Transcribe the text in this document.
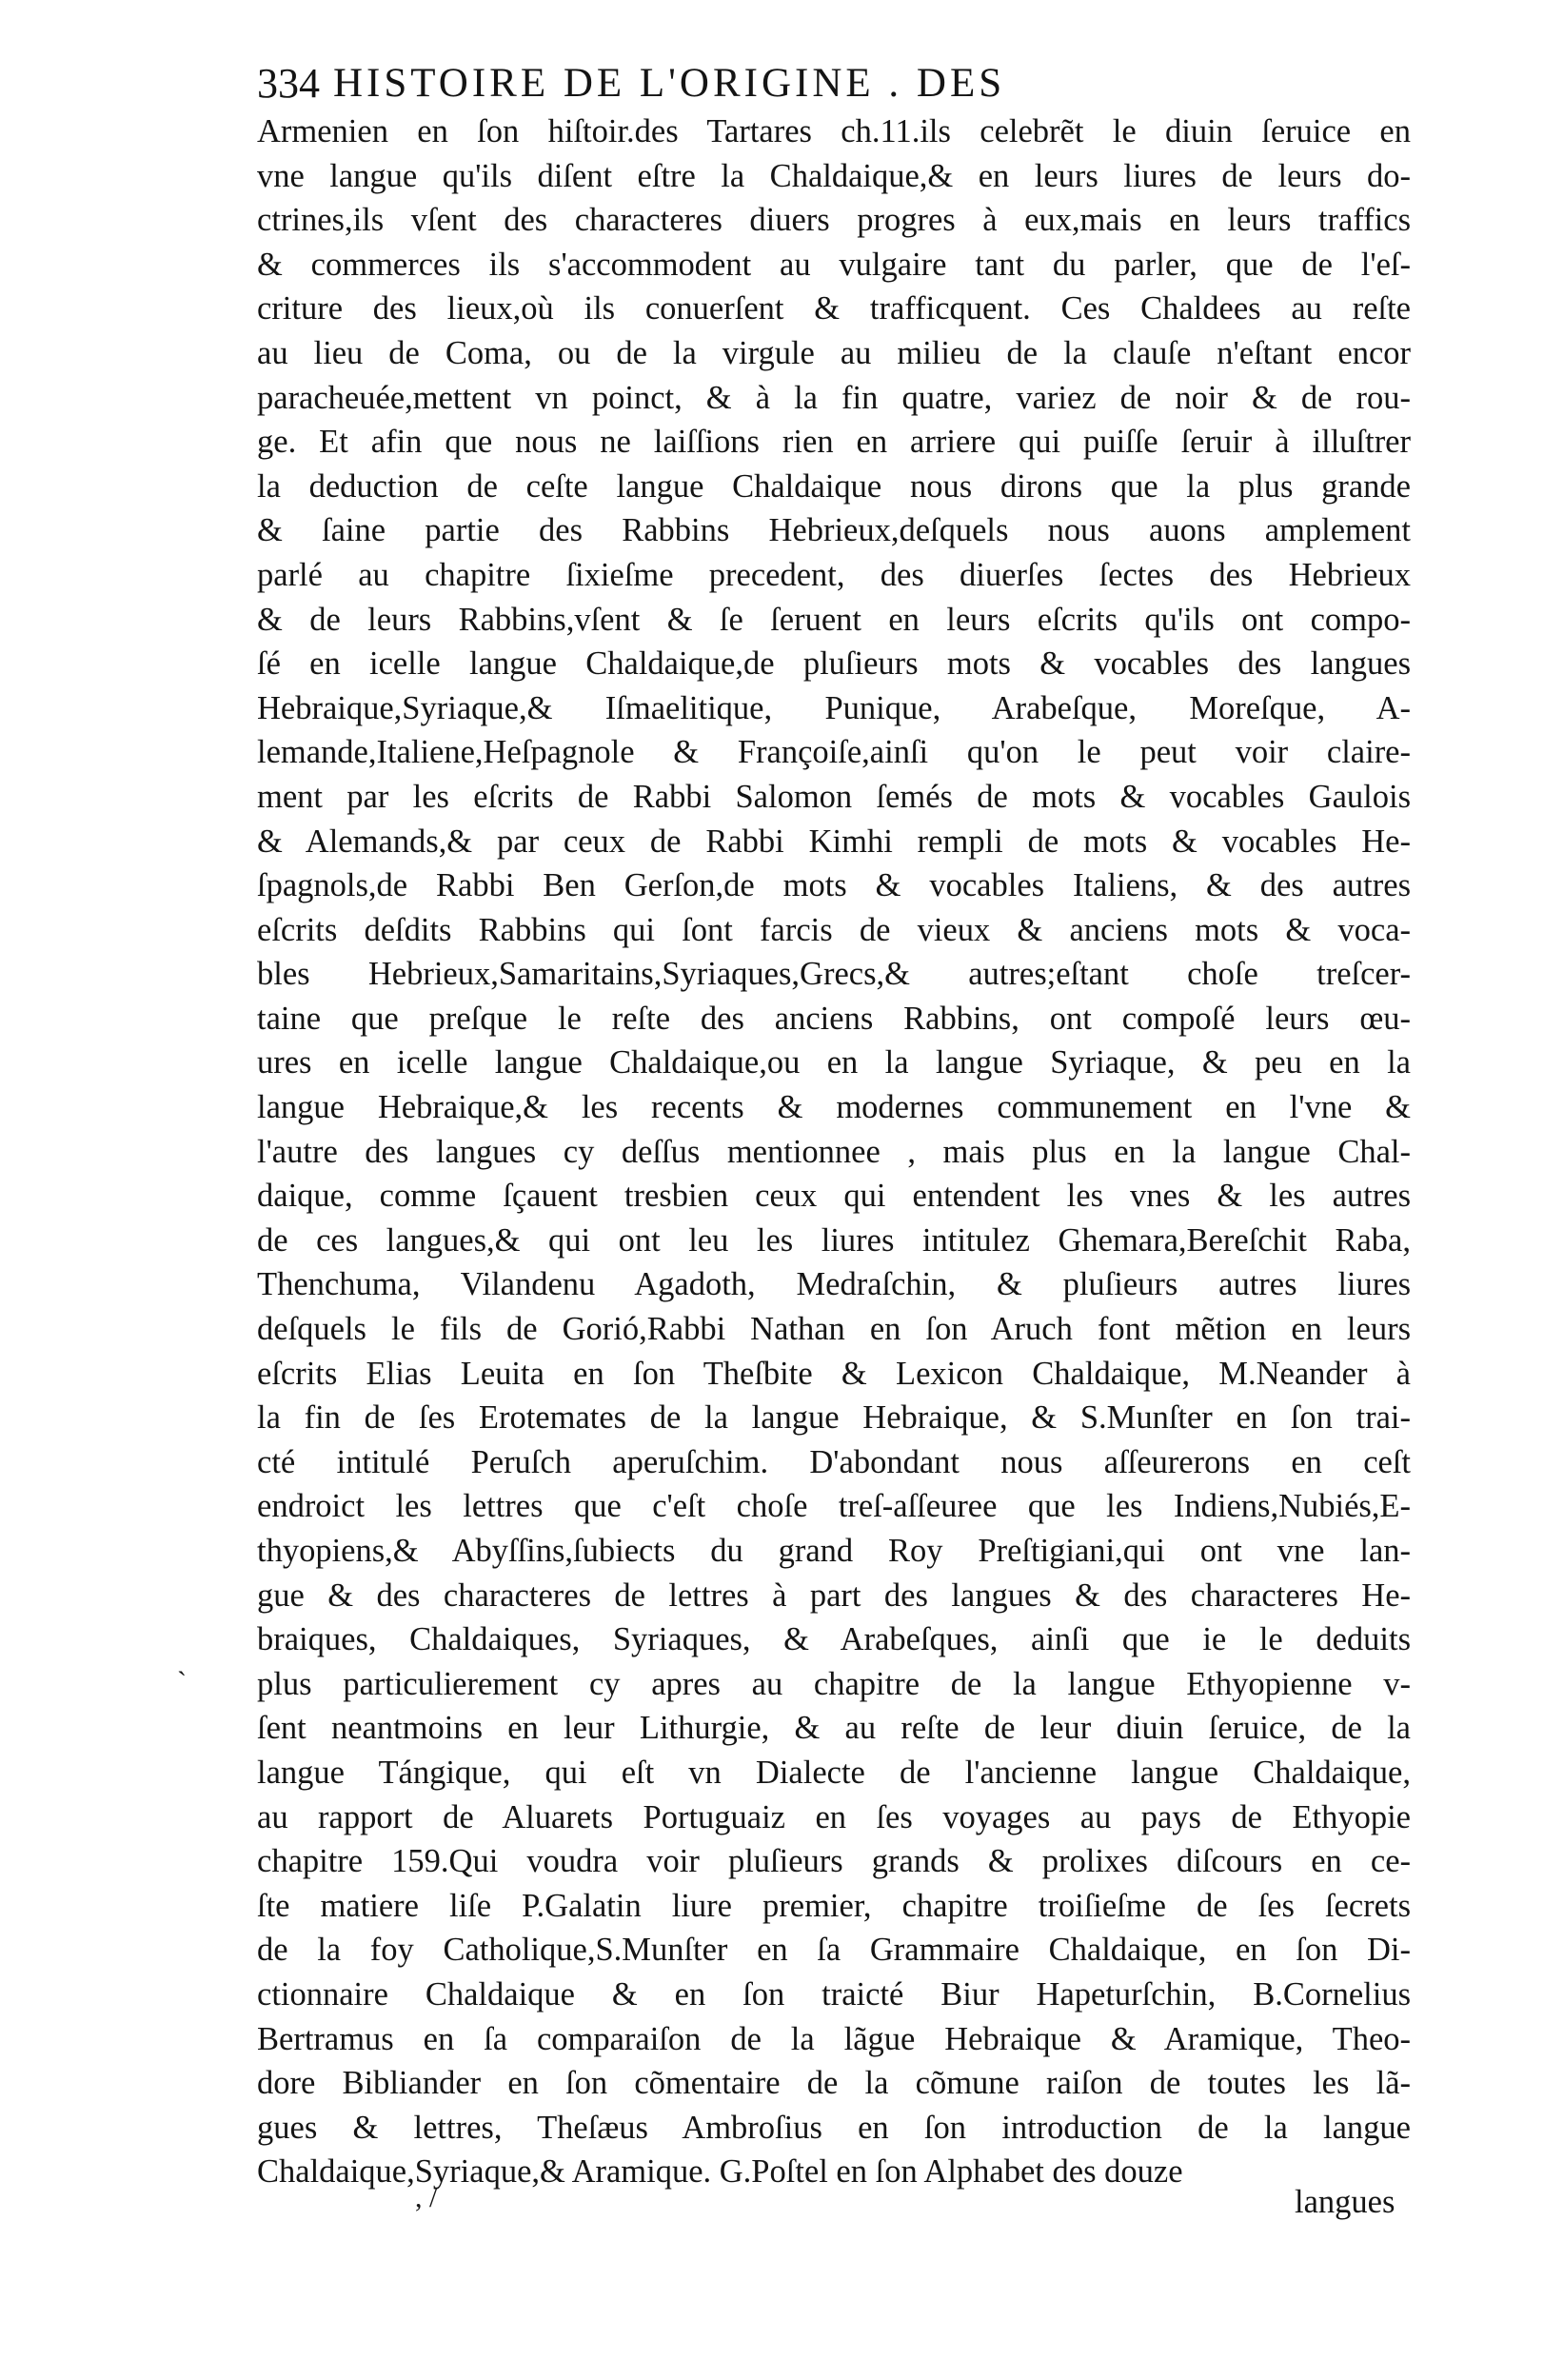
334 HISTOIRE DE L'ORIGINE . DES
Armenien en ſon hiſtoir.des Tartares ch.11.ils celebrẽt le diuin ſeruice en
vne langue qu'ils diſent eſtre la Chaldaique,& en leurs liures de leurs do-
ctrines,ils vſent des characteres diuers progres à eux,mais en leurs traffics
& commerces ils s'accommodent au vulgaire tant du parler, que de l'eſ-
criture des lieux,où ils conuerſent & trafficquent. Ces Chaldees au reſte
au lieu de Coma, ou de la virgule au milieu de la clauſe n'eſtant encor
paracheuée,mettent vn poinct, & à la fin quatre, variez de noir & de rou-
ge. Et afin que nous ne laiſſions rien en arriere qui puiſſe ſeruir à illuſtrer
la deduction de ceſte langue Chaldaique nous dirons que la plus grande
& ſaine partie des Rabbins Hebrieux,deſquels nous auons amplement
parlé au chapitre ſixieſme precedent, des diuerſes ſectes des Hebrieux
& de leurs Rabbins,vſent & ſe ſeruent en leurs eſcrits qu'ils ont compo-
ſé en icelle langue Chaldaique,de pluſieurs mots & vocables des langues
Hebraique,Syriaque,& Iſmaelitique, Punique, Arabeſque, Moreſque, A-
lemande,Italiene,Heſpagnole & Françoiſe,ainſi qu'on le peut voir claire-
ment par les eſcrits de Rabbi Salomon ſemés de mots & vocables Gaulois
& Alemands,& par ceux de Rabbi Kimhi rempli de mots & vocables He-
ſpagnols,de Rabbi Ben Gerſon,de mots & vocables Italiens, & des autres
eſcrits deſdits Rabbins qui ſont farcis de vieux & anciens mots & voca-
bles Hebrieux,Samaritains,Syriaques,Grecs,& autres;eſtant choſe treſcer-
taine que preſque le reſte des anciens Rabbins, ont compoſé leurs œu-
ures en icelle langue Chaldaique,ou en la langue Syriaque, & peu en la
langue Hebraique,& les recents & modernes communement en l'vne &
l'autre des langues cy deſſus mentionnee , mais plus en la langue Chal-
daique, comme ſçauent tresbien ceux qui entendent les vnes & les autres
de ces langues,& qui ont leu les liures intitulez Ghemara,Bereſchit Raba,
Thenchuma, Vilandenu Agadoth, Medraſchin, & pluſieurs autres liures
deſquels le fils de Gorió,Rabbi Nathan en ſon Aruch font mẽtion en leurs
eſcrits Elias Leuita en ſon Theſbite & Lexicon Chaldaique, M.Neander à
la fin de ſes Erotemates de la langue Hebraique, & S.Munſter en ſon trai-
cté intitulé Peruſch aperuſchim. D'abondant nous aſſeurerons en ceſt
endroict les lettres que c'eſt choſe treſ-aſſeuree que les Indiens,Nubiés,E-
thyopiens,& Abyſſins,ſubiects du grand Roy Preſtigiani,qui ont vne lan-
gue & des characteres de lettres à part des langues & des characteres He-
braiques, Chaldaiques, Syriaques, & Arabeſques, ainſi que ie le deduits
plus particulierement cy apres au chapitre de la langue Ethyopienne v-
ſent neantmoins en leur Lithurgie, & au reſte de leur diuin ſeruice, de la
langue Tángique, qui eſt vn Dialecte de l'ancienne langue Chaldaique,
au rapport de Aluarets Portuguaiz en ſes voyages au pays de Ethyopie
chapitre 159.Qui voudra voir pluſieurs grands & prolixes diſcours en ce-
ſte matiere liſe P.Galatin liure premier, chapitre troiſieſme de ſes ſecrets
de la foy Catholique,S.Munſter en ſa Grammaire Chaldaique, en ſon Di-
ctionnaire Chaldaique & en ſon traicté Biur Hapeturſchin, B.Cornelius
Bertramus en ſa comparaiſon de la lãgue Hebraique & Aramique, Theo-
dore Bibliander en ſon cõmentaire de la cõmune raiſon de toutes les lã-
gues & lettres, Theſæus Ambroſius en ſon introduction de la langue
Chaldaique,Syriaque,& Aramique. G.Poſtel en ſon Alphabet des douze
`
, /	langues
